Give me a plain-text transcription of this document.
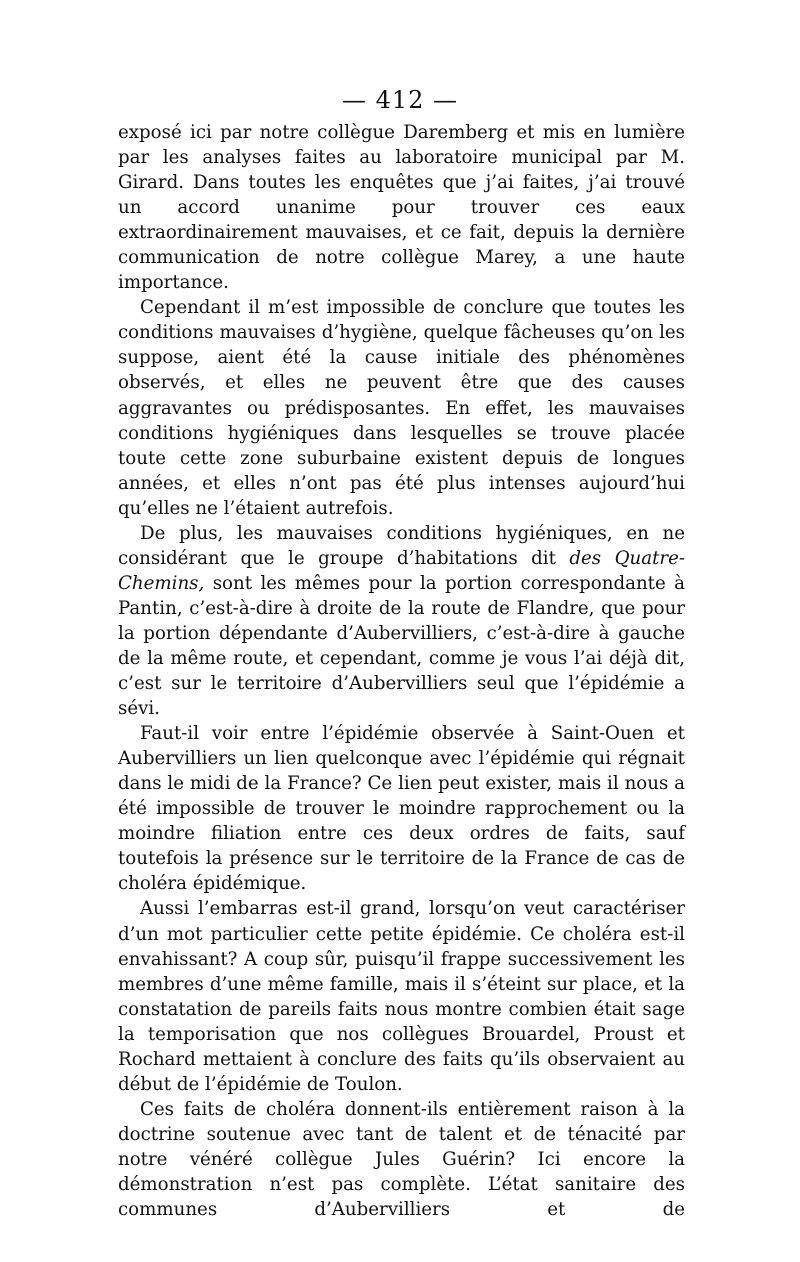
— 412 —

exposé ici par notre collègue Daremberg et mis en lumière par les analyses faites au laboratoire municipal par M. Girard. Dans toutes les enquêtes que j’ai faites, j’ai trouvé un accord unanime pour trouver ces eaux extraordinairement mauvaises, et ce fait, depuis la dernière communication de notre collègue Marey, a une haute importance.

Cependant il m’est impossible de conclure que toutes les conditions mauvaises d’hygiène, quelque fâcheuses qu’on les suppose, aient été la cause initiale des phénomènes observés, et elles ne peuvent être que des causes aggravantes ou prédisposantes. En effet, les mauvaises conditions hygiéniques dans lesquelles se trouve placée toute cette zone suburbaine existent depuis de longues années, et elles n’ont pas été plus intenses aujourd’hui qu’elles ne l’étaient autrefois.

De plus, les mauvaises conditions hygiéniques, en ne considérant que le groupe d’habitations dit des Quatre-Chemins, sont les mêmes pour la portion correspondante à Pantin, c’est-à-dire à droite de la route de Flandre, que pour la portion dépendante d’Aubervilliers, c’est-à-dire à gauche de la même route, et cependant, comme je vous l’ai déjà dit, c’est sur le territoire d’Aubervilliers seul que l’épidémie a sévi.

Faut-il voir entre l’épidémie observée à Saint-Ouen et Aubervilliers un lien quelconque avec l’épidémie qui régnait dans le midi de la France? Ce lien peut exister, mais il nous a été impossible de trouver le moindre rapprochement ou la moindre filiation entre ces deux ordres de faits, sauf toutefois la présence sur le territoire de la France de cas de choléra épidémique.

Aussi l’embarras est-il grand, lorsqu’on veut caractériser d’un mot particulier cette petite épidémie. Ce choléra est-il envahissant? A coup sûr, puisqu’il frappe successivement les membres d’une même famille, mais il s’éteint sur place, et la constatation de pareils faits nous montre combien était sage la temporisation que nos collègues Brouardel, Proust et Rochard mettaient à conclure des faits qu’ils observaient au début de l’épidémie de Toulon.

Ces faits de choléra donnent-ils entièrement raison à la doctrine soutenue avec tant de talent et de ténacité par notre vénéré collègue Jules Guérin? Ici encore la démonstration n’est pas complète. L’état sanitaire des communes d’Aubervilliers et de
